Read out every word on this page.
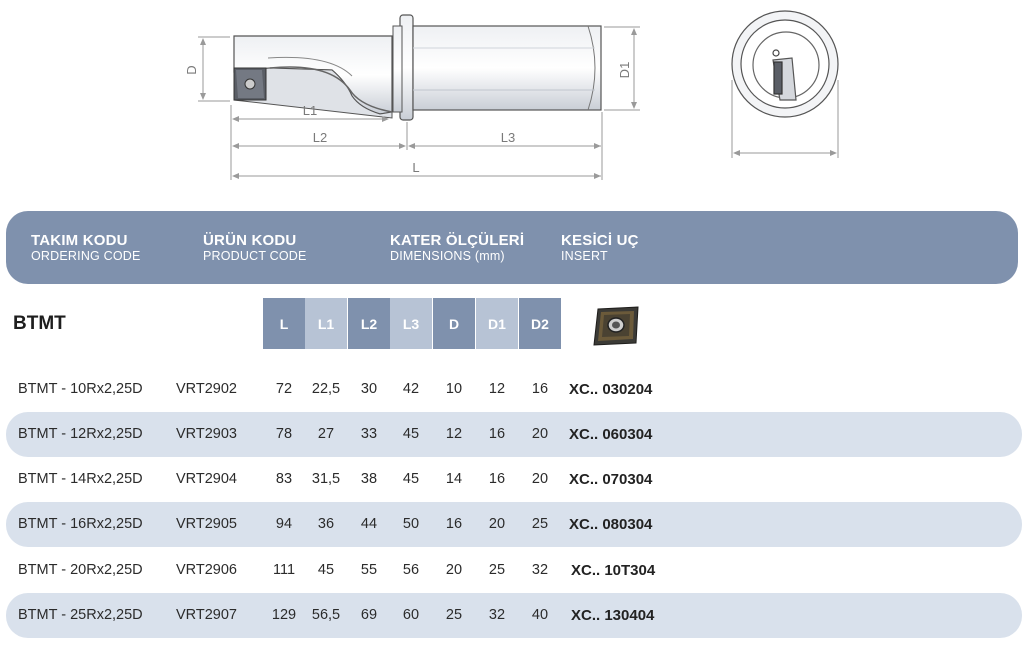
D	D1
L1
L2	L3
L
TAKIM KODU
ORDERING CODE
ÜRÜN KODU
PRODUCT CODE
KATER ÖLÇÜLERİ
DIMENSIONS (mm)
KESİCİ UÇ
INSERT
BTMT	L	L1	L2	L3	D	D1	D2
BTMT - 10Rx2,25D VRT2902	72	22,5	30	42	10	12	16	XC.. 030204
BTMT - 12Rx2,25D VRT2903	78	27	33	45	12	16	20	XC.. 060304
BTMT - 14Rx2,25D VRT2904	83	31,5	38	45	14	16	20	XC.. 070304
BTMT - 16Rx2,25D VRT2905	94	36	44	50	16	20	25	XC.. 080304
BTMT - 20Rx2,25D VRT2906	111	45	55	56	20	25	32	XC.. 10T304
BTMT - 25Rx2,25D VRT2907	129	56,5	69	60	25	32	40	XC.. 130404
